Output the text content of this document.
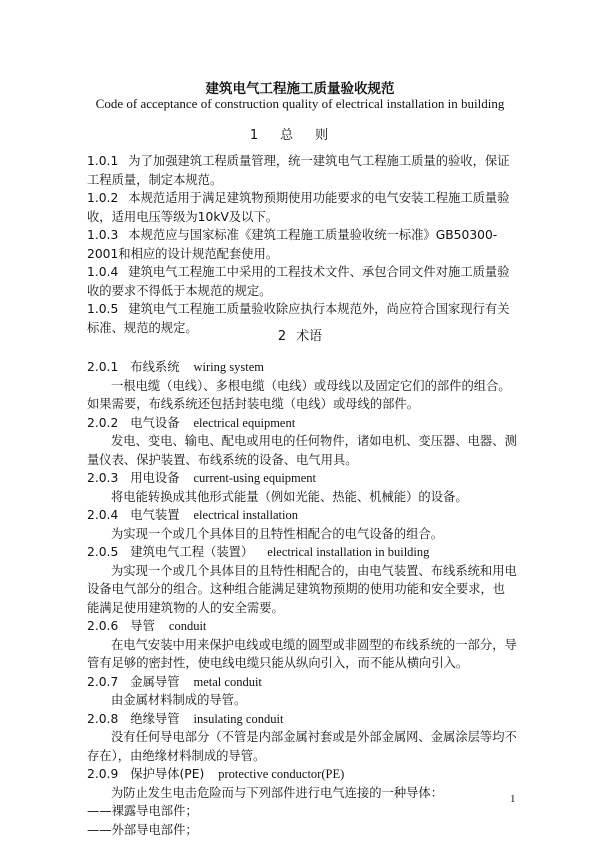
建筑电气工程施工质量验收规范
Code of acceptance of construction quality of electrical installation in building
1 总则

1.0.1 为了加强建筑工程质量管理，统一建筑电气工程施工质量的验收，保证工程质量，制定本规范。

1.0.2 本规范适用于满足建筑物预期使用功能要求的电气安装工程施工质量验收，适用电压等级为10kV及以下。

1.0.3 本规范应与国家标准《建筑工程施工质量验收统一标准》GB50300-2001和相应的设计规范配套使用。

1.0.4 建筑电气工程施工中采用的工程技术文件、承包合同文件对施工质量验收的要求不得低于本规范的规定。

1.0.5 建筑电气工程施工质量验收除应执行本规范外，尚应符合国家现行有关标准、规范的规定。

2 术语

2.0.1 布线系统 wiring system

一根电缆（电线）、多根电缆（电线）或母线以及固定它们的部件的组合。如果需要，布线系统还包括封装电缆（电线）或母线的部件。

2.0.2 电气设备 electrical equipment

发电、变电、输电、配电或用电的任何物件，诸如电机、变压器、电器、测量仪表、保护装置、布线系统的设备、电气用具。

2.0.3 用电设备 current-using equipment

将电能转换成其他形式能量（例如光能、热能、机械能）的设备。

2.0.4 电气装置 electrical installation

为实现一个或几个具体目的且特性相配合的电气设备的组合。

2.0.5 建筑电气工程（装置） electrical installation in building

为实现一个或几个具体目的且特性相配合的，由电气装置、布线系统和用电设备电气部分的组合。这种组合能满足建筑物预期的使用功能和安全要求，也能满足使用建筑物的人的安全需要。

2.0.6 导管 conduit

在电气安装中用来保护电线或电缆的圆型或非圆型的布线系统的一部分，导管有足够的密封性，使电线电缆只能从纵向引入，而不能从横向引入。

2.0.7 金属导管 metal conduit

由金属材料制成的导管。

2.0.8 绝缘导管 insulating conduit

没有任何导电部分（不管是内部金属衬套或是外部金属网、金属涂层等均不存在），由绝缘材料制成的导管。

2.0.9 保护导体(PE) protective conductor(PE)

为防止发生电击危险而与下列部件进行电气连接的一种导体：

——裸露导电部件；

——外部导电部件；

1
